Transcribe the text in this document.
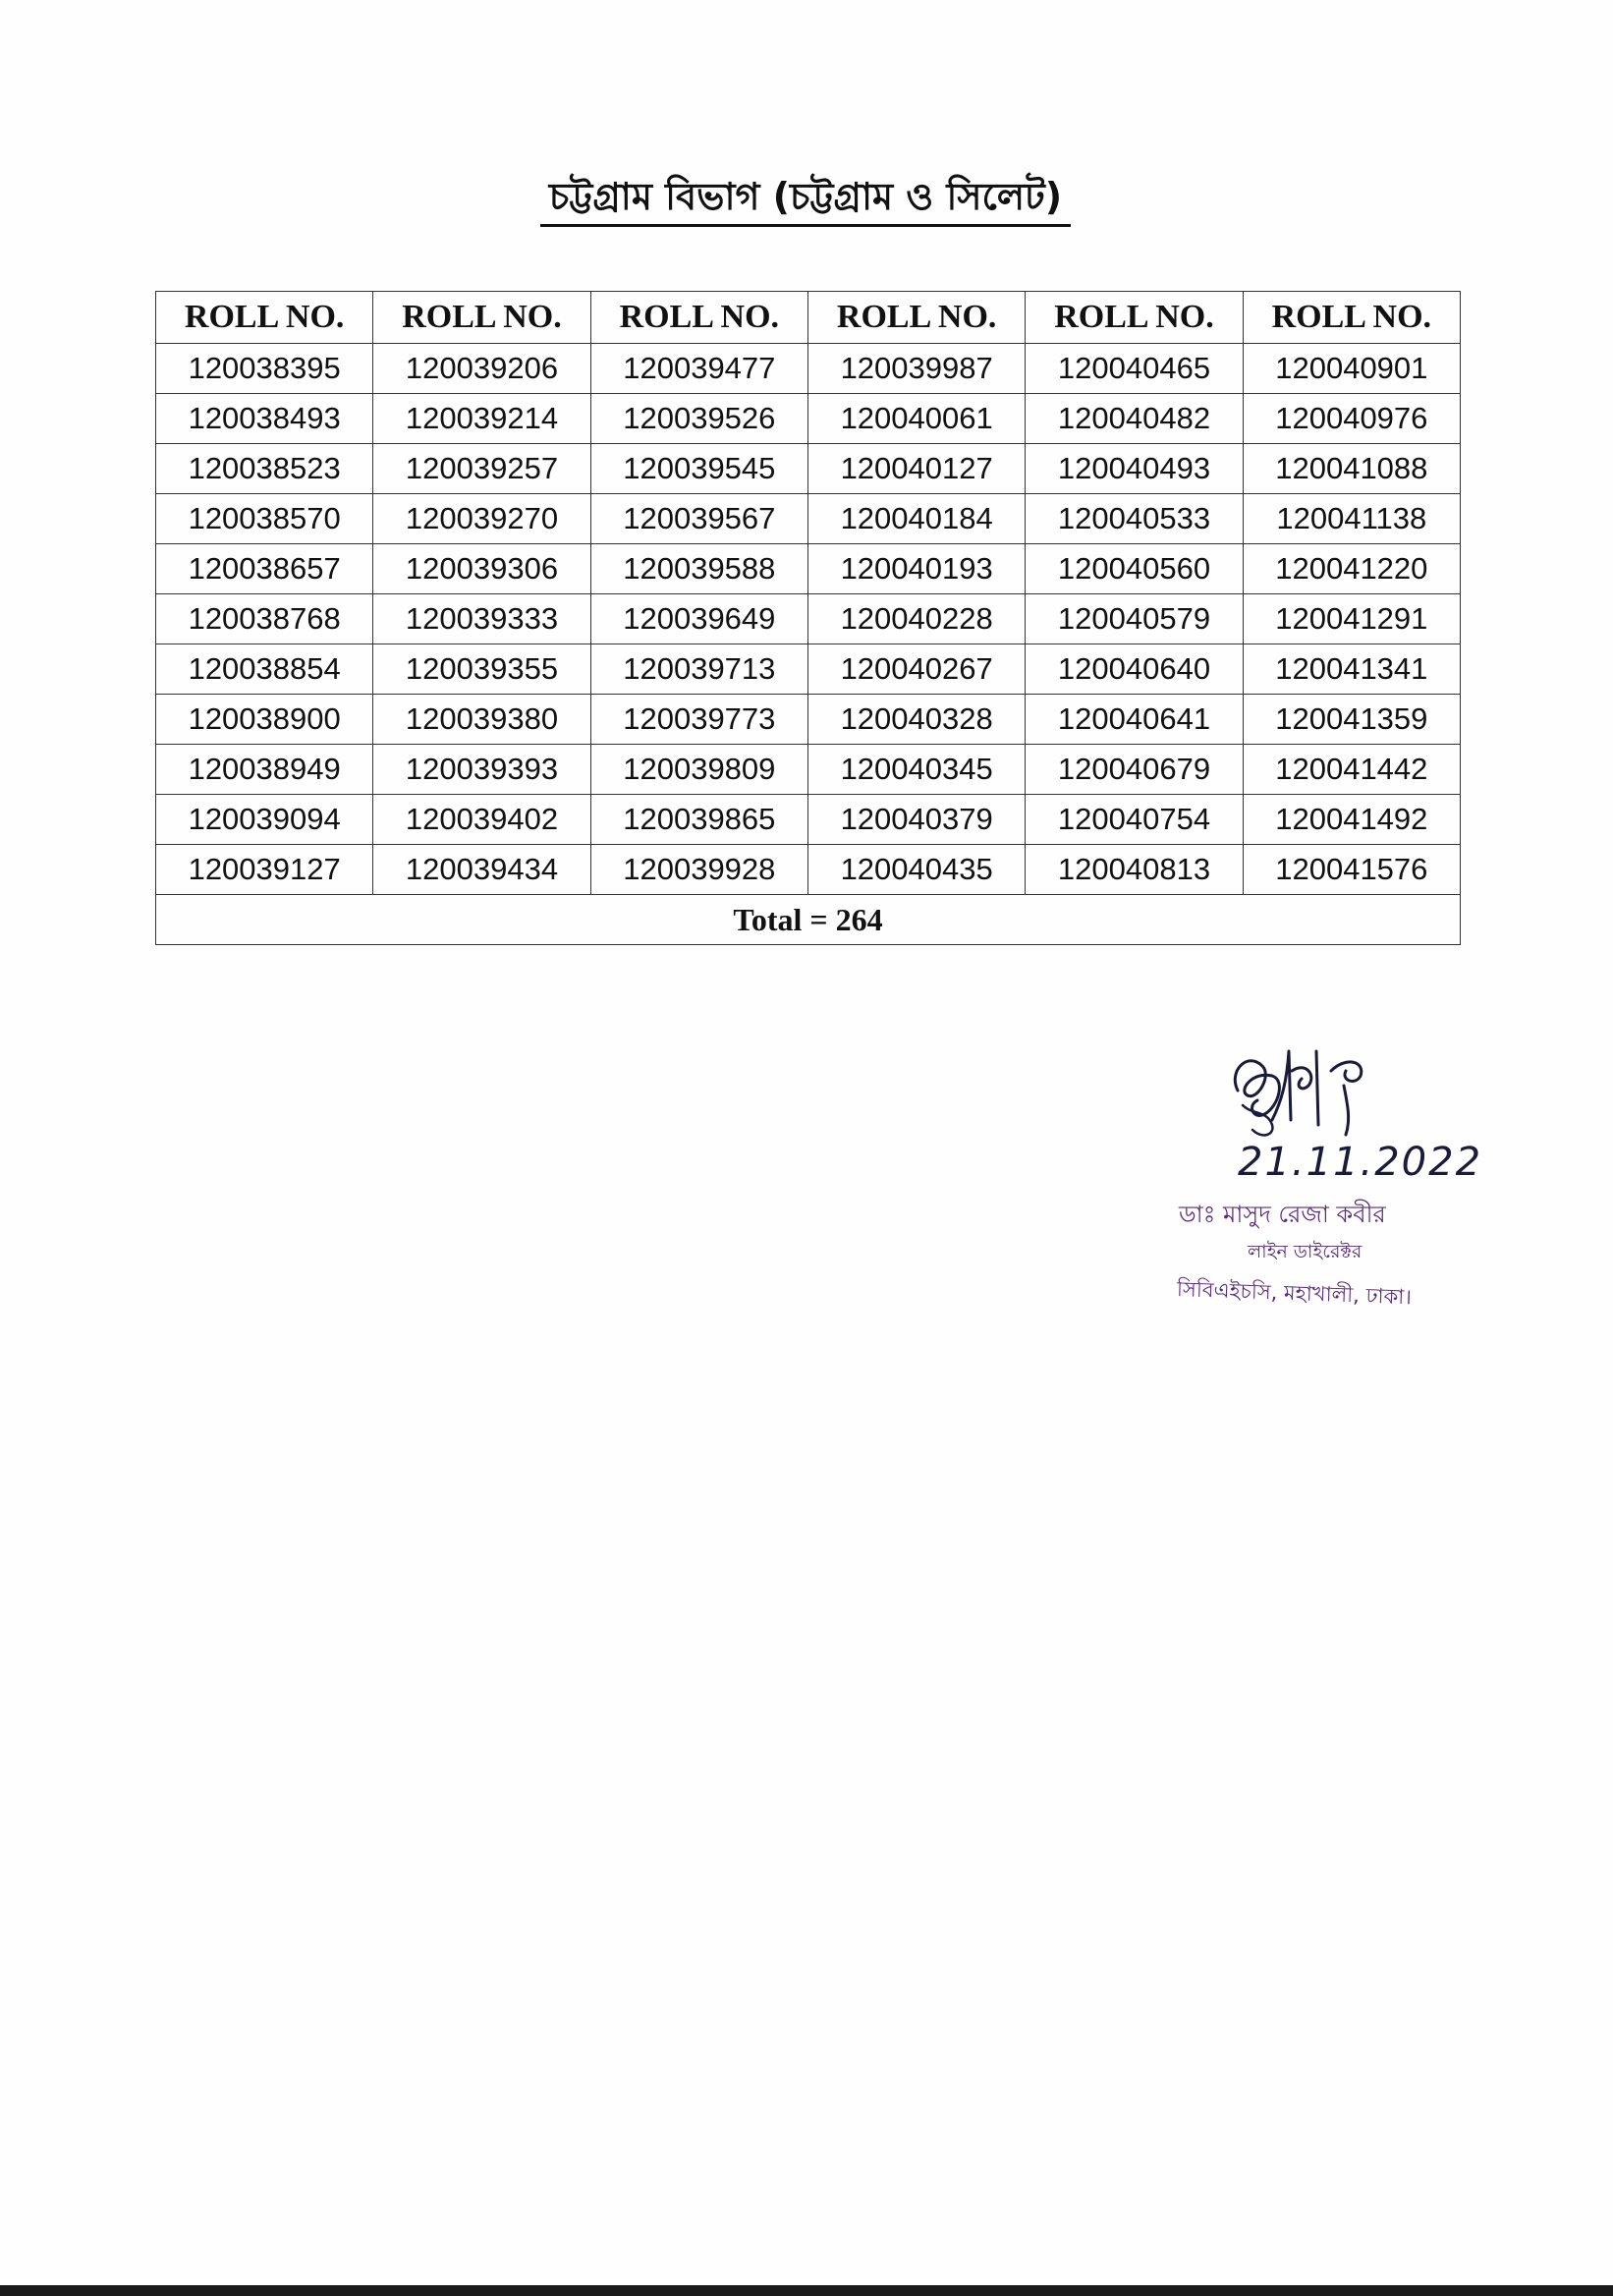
চট্টগ্রাম বিভাগ (চট্টগ্রাম ও সিলেট)
ROLL NO.	ROLL NO.	ROLL NO.	ROLL NO.	ROLL NO.	ROLL NO.
120038395	120039206	120039477	120039987	120040465	120040901
120038493	120039214	120039526	120040061	120040482	120040976
120038523	120039257	120039545	120040127	120040493	120041088
120038570	120039270	120039567	120040184	120040533	120041138
120038657	120039306	120039588	120040193	120040560	120041220
120038768	120039333	120039649	120040228	120040579	120041291
120038854	120039355	120039713	120040267	120040640	120041341
120038900	120039380	120039773	120040328	120040641	120041359
120038949	120039393	120039809	120040345	120040679	120041442
120039094	120039402	120039865	120040379	120040754	120041492
120039127	120039434	120039928	120040435	120040813	120041576
Total = 264					
21.11.2022
ডাঃ মাসুদ রেজা কবীর
লাইন ডাইরেক্টর
সিবিএইচসি, মহাখালী, ঢাকা।
